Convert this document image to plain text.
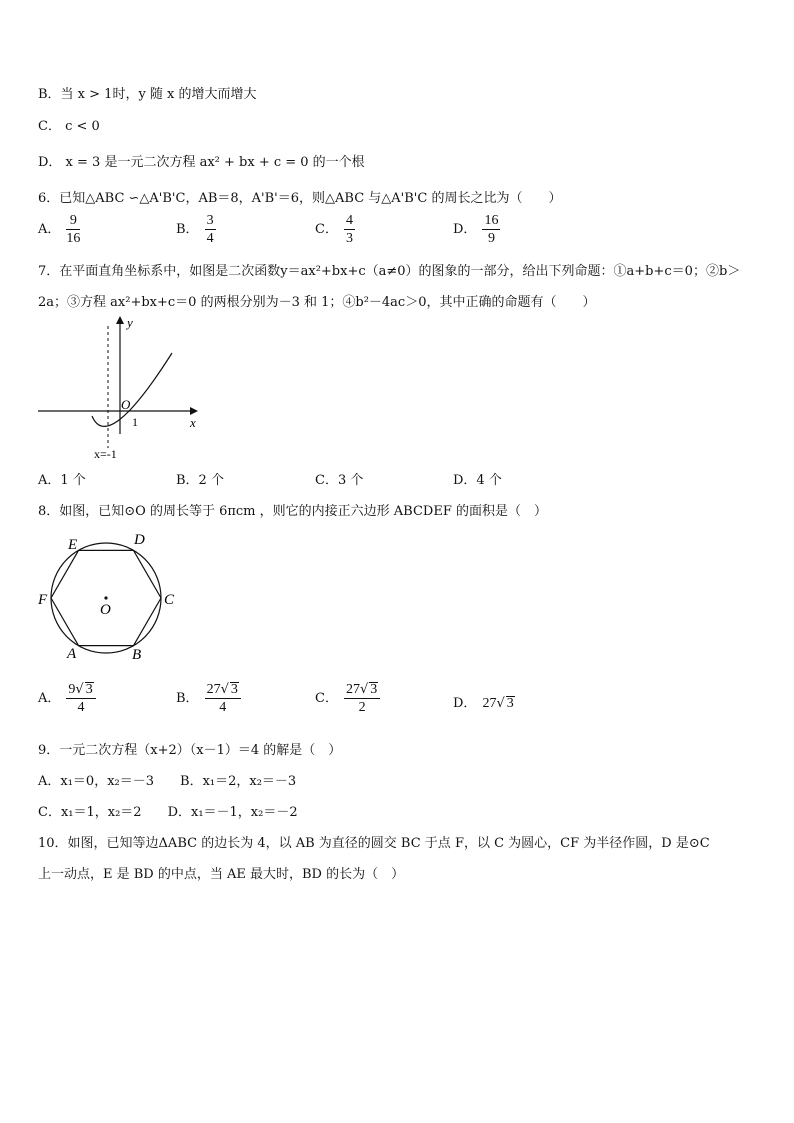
B．当 x > 1时，y 随 x 的增大而增大
C． c < 0
D． x = 3 是一元二次方程 ax² + bx + c = 0 的一个根
6．已知△ABC ∽△A'B'C，AB＝8，A'B'＝6，则△ABC 与△A'B'C 的周长之比为（　　）
A． $\frac{9}{16}$	B． $\frac{3}{4}$	C． $\frac{4}{3}$	D． $\frac{16}{9}$
7．在平面直角坐标系中，如图是二次函数y＝ax²+bx+c（a≠0）的图象的一部分，给出下列命题：①a+b+c＝0；②b＞
2a；③方程 ax²+bx+c＝0 的两根分别为－3 和 1；④b²－4ac＞0，其中正确的命题有（　　）
y
x
O
1
x=-1
A．1 个	B．2 个	C．3 个	D．4 个
8．如图，已知⊙O 的周长等于 6πcm ，则它的内接正六边形 ABCDEF 的面积是（　）
O
A	B
C
D
E
F
A． $\frac{9√ 3}{4}$	B． $\frac{27√ 3}{4}$	C． $\frac{27√ 3}{2}$	D． 27√ 3
9．一元二次方程（x+2）（x－1）＝4 的解是（　）
A．x₁＝0，x₂＝－3　　B．x₁＝2，x₂＝－3
C．x₁＝1，x₂＝2　　D．x₁＝－1，x₂＝－2
10．如图，已知等边ΔABC 的边长为 4，以 AB 为直径的圆交 BC 于点 F，以 C 为圆心，CF 为半径作圆，D 是⊙C
上一动点，E 是 BD 的中点，当 AE 最大时，BD 的长为（　）
